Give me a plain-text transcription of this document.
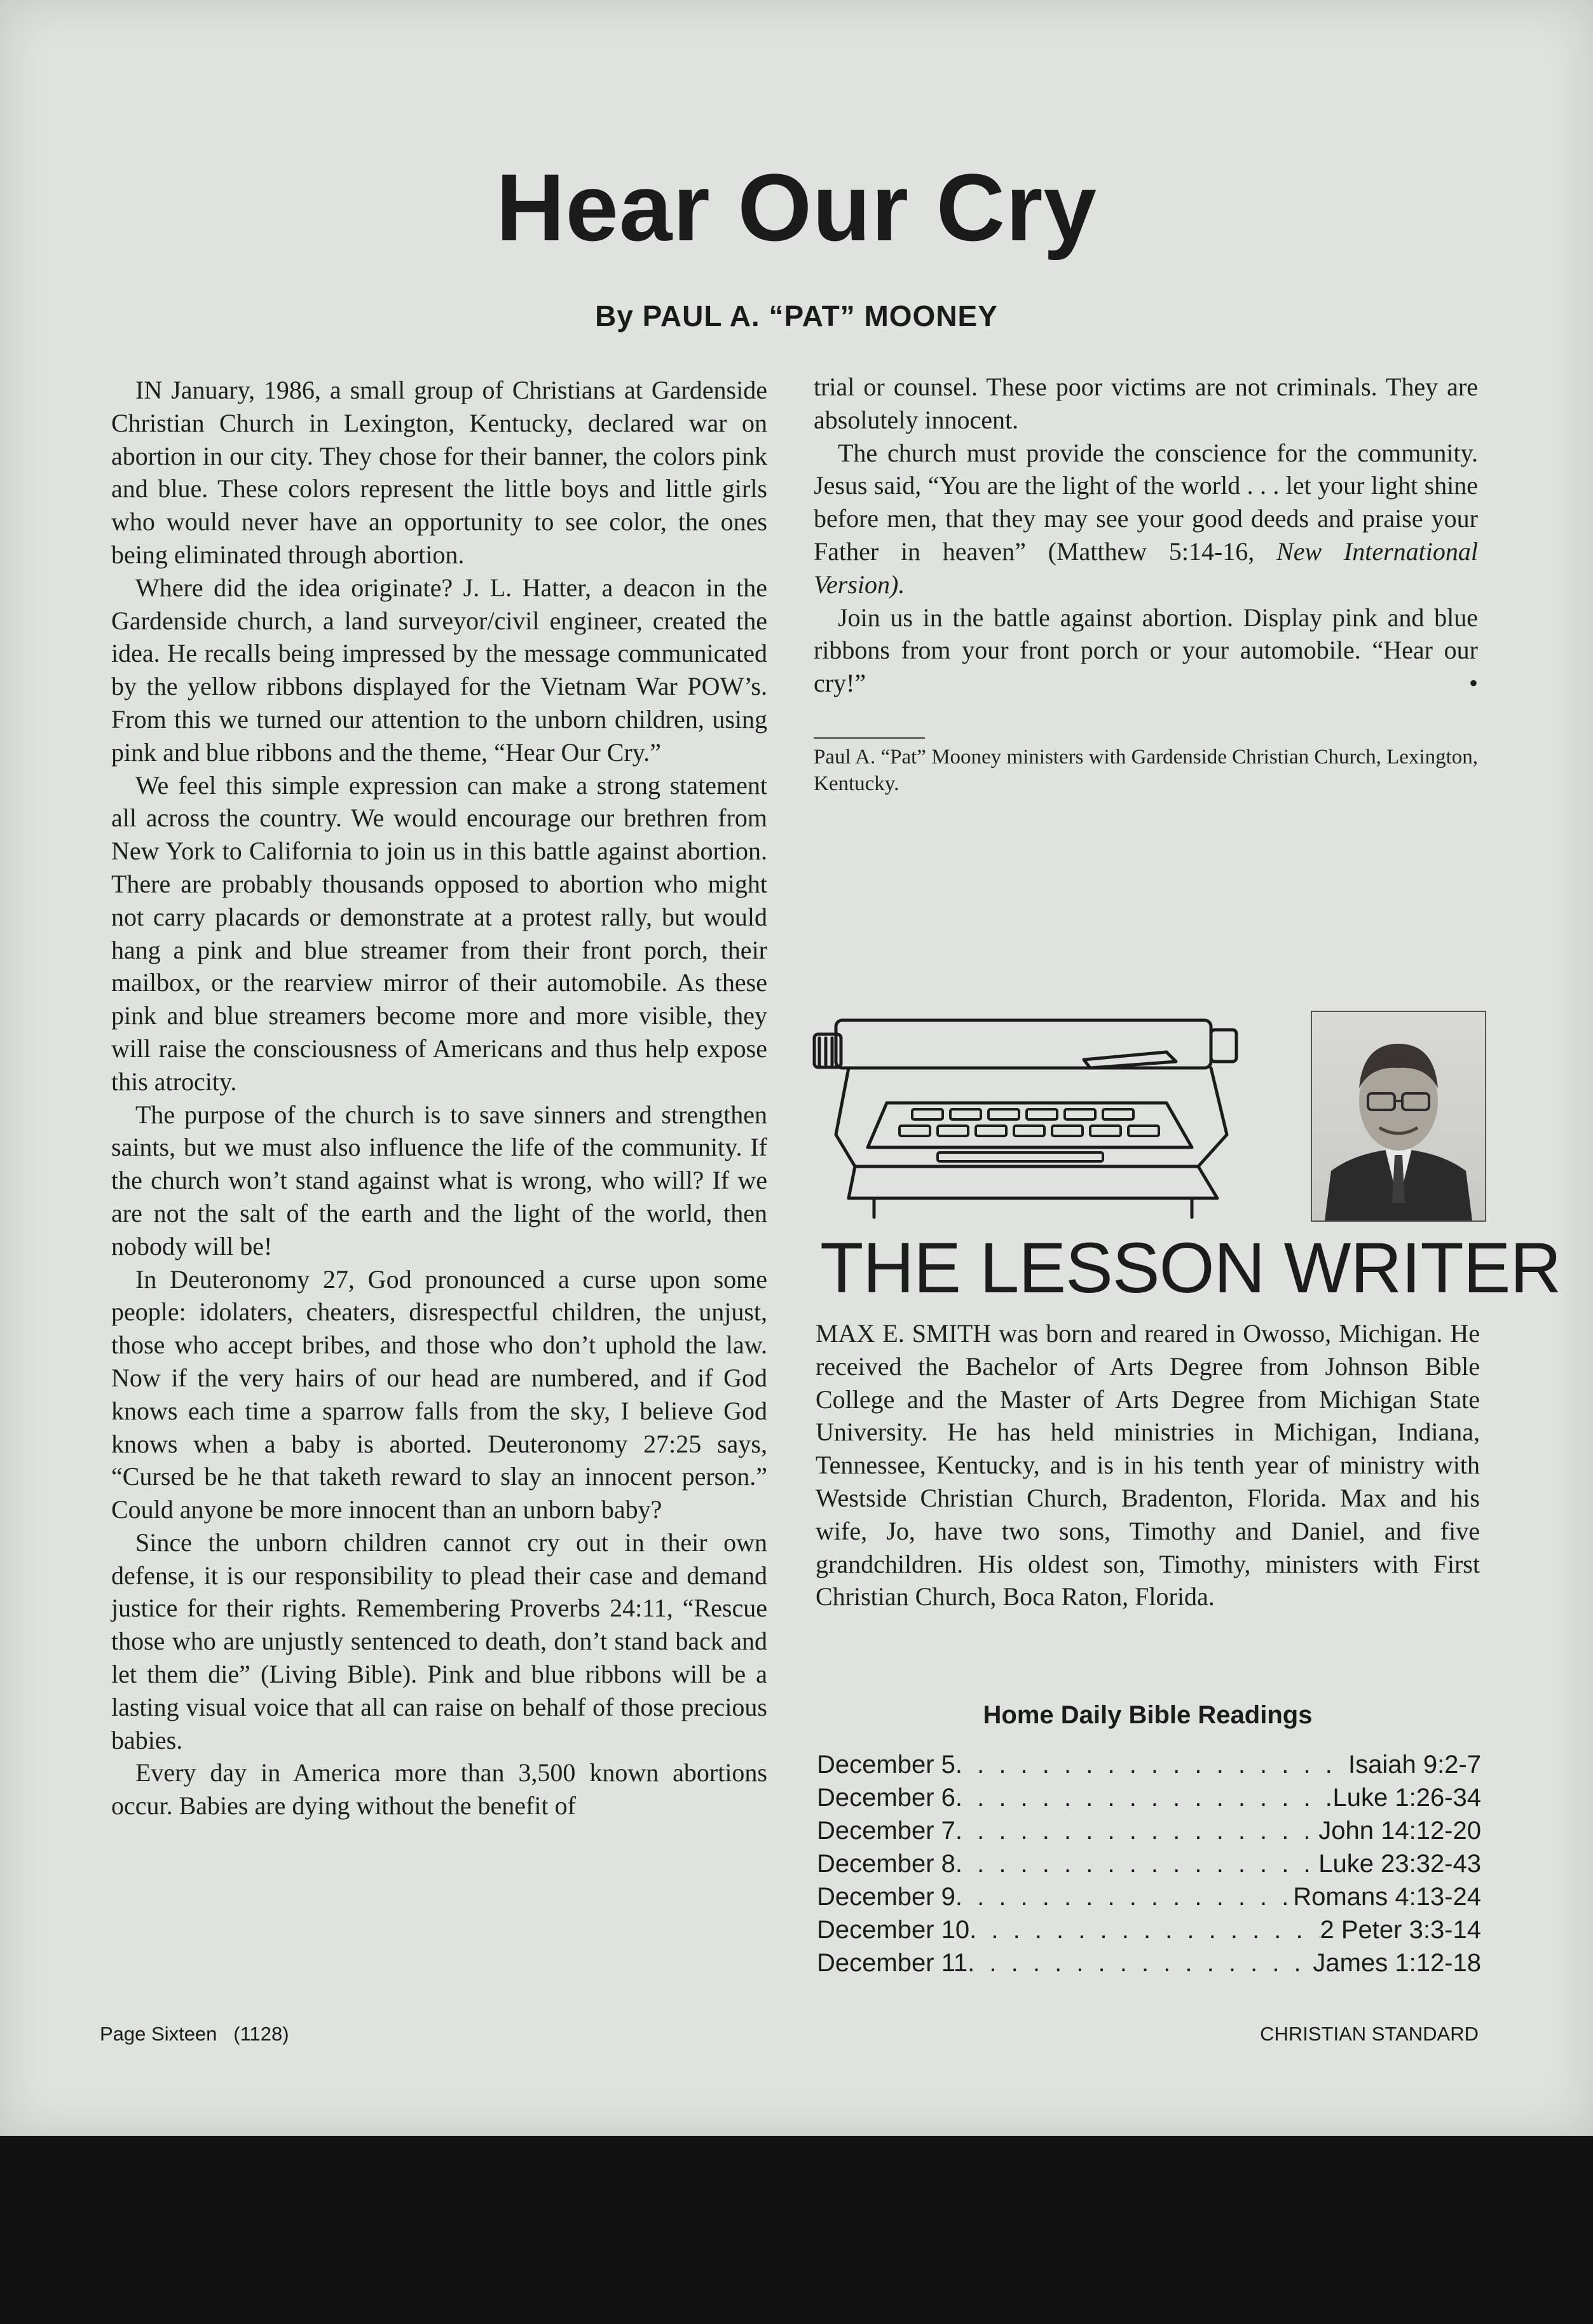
Hear Our Cry
By PAUL A. “PAT” MOONEY

IN January, 1986, a small group of Christians at Gardenside Christian Church in Lexington, Kentucky, declared war on abortion in our city. They chose for their banner, the colors pink and blue. These colors represent the little boys and little girls who would never have an opportunity to see color, the ones being eliminated through abortion.

Where did the idea originate? J. L. Hatter, a deacon in the Gardenside church, a land surveyor/civil engineer, created the idea. He recalls being impressed by the message communicated by the yellow ribbons displayed for the Vietnam War POW’s. From this we turned our attention to the unborn children, using pink and blue ribbons and the theme, “Hear Our Cry.”

We feel this simple expression can make a strong statement all across the country. We would encourage our brethren from New York to California to join us in this battle against abortion. There are probably thousands opposed to abortion who might not carry placards or demonstrate at a protest rally, but would hang a pink and blue streamer from their front porch, their mailbox, or the rearview mirror of their automobile. As these pink and blue streamers become more and more visible, they will raise the consciousness of Americans and thus help expose this atrocity.

The purpose of the church is to save sinners and strengthen saints, but we must also influence the life of the community. If the church won’t stand against what is wrong, who will? If we are not the salt of the earth and the light of the world, then nobody will be!

In Deuteronomy 27, God pronounced a curse upon some people: idolaters, cheaters, disrespectful children, the unjust, those who accept bribes, and those who don’t uphold the law. Now if the very hairs of our head are numbered, and if God knows each time a sparrow falls from the sky, I believe God knows when a baby is aborted. Deuteronomy 27:25 says, “Cursed be he that taketh reward to slay an innocent person.” Could anyone be more innocent than an unborn baby?

Since the unborn children cannot cry out in their own defense, it is our responsibility to plead their case and demand justice for their rights. Remembering Proverbs 24:11, “Rescue those who are unjustly sentenced to death, don’t stand back and let them die” (Living Bible). Pink and blue ribbons will be a lasting visual voice that all can raise on behalf of those precious babies.

Every day in America more than 3,500 known abortions occur. Babies are dying without the benefit of

trial or counsel. These poor victims are not criminals. They are absolutely innocent.

The church must provide the conscience for the community. Jesus said, “You are the light of the world . . . let your light shine before men, that they may see your good deeds and praise your Father in heaven” (Matthew 5:14-16, New International Version).

Join us in the battle against abortion. Display pink and blue ribbons from your front porch or your automobile. “Hear our cry!”	•

Paul A. “Pat” Mooney ministers with Gardenside Christian Church, Lexington, Kentucky.
THE LESSON WRITER
MAX E. SMITH was born and reared in Owosso, Michigan. He received the Bachelor of Arts Degree from Johnson Bible College and the Master of Arts Degree from Michigan State University. He has held ministries in Michigan, Indiana, Tennessee, Kentucky, and is in his tenth year of ministry with Westside Christian Church, Bradenton, Florida. Max and his wife, Jo, have two sons, Timothy and Daniel, and five grandchildren. His oldest son, Timothy, ministers with First Christian Church, Boca Raton, Florida.
Home Daily Bible Readings
December 5 . . .	Isaiah 9:2-7
December 6 . . .	Luke 1:26-34
December 7 . . .	John 14:12-20
December 8 . . .	Luke 23:32-43
December 9 . . .	Romans 4:13-24
December 10 . . .	2 Peter 3:3-14
December 11 . . .	James 1:12-18
Page Sixteen   (1128)	CHRISTIAN STANDARD
